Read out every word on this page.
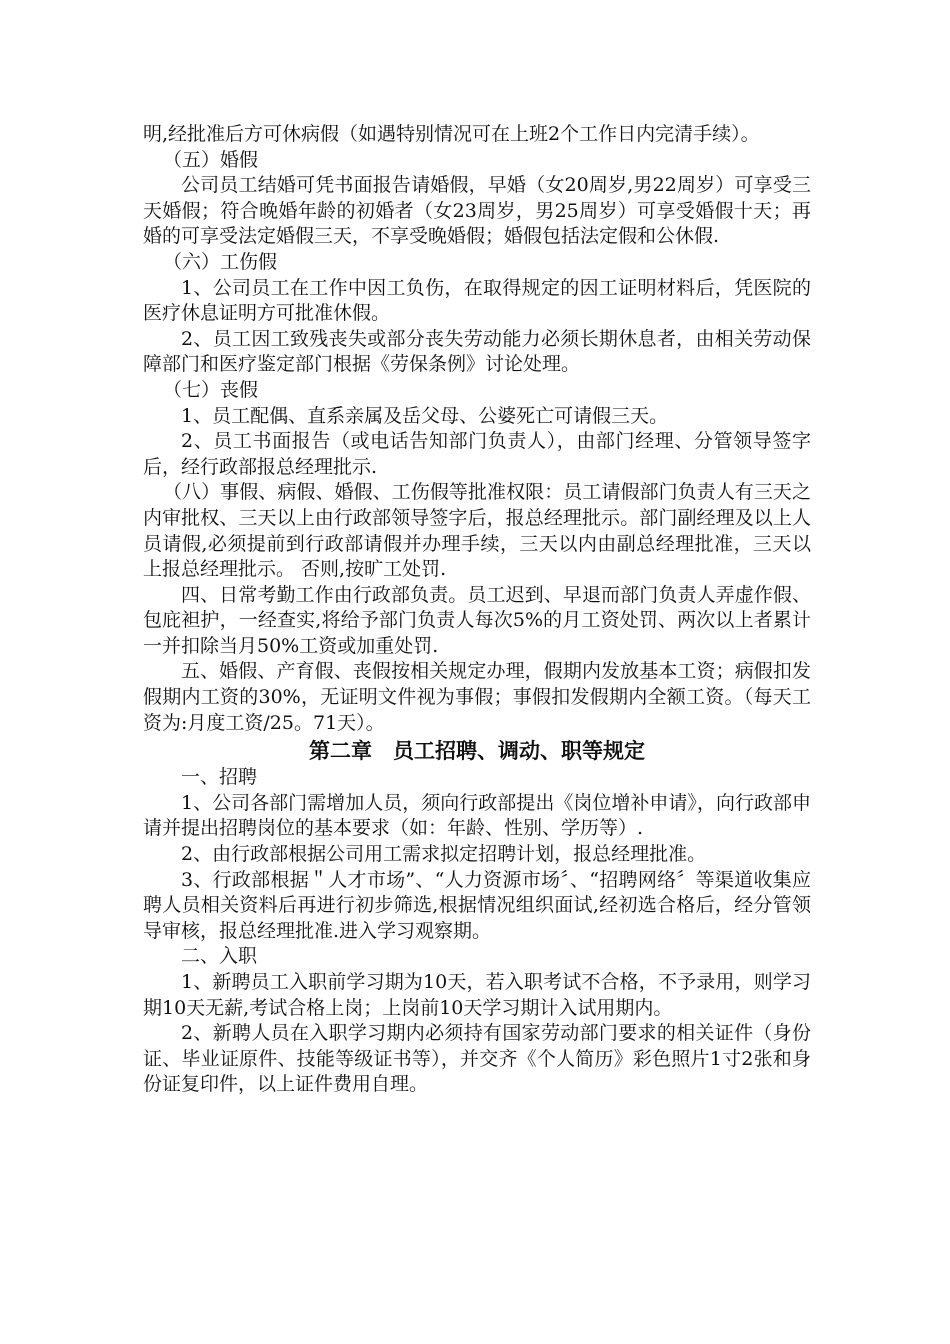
明,经批准后方可休病假（如遇特别情况可在上班2个工作日内完清手续）。

（五）婚假

公司员工结婚可凭书面报告请婚假，早婚（女20周岁,男22周岁）可享受三天婚假；符合晚婚年龄的初婚者（女23周岁，男25周岁）可享受婚假十天；再婚的可享受法定婚假三天，不享受晚婚假；婚假包括法定假和公休假.

（六）工伤假

1、公司员工在工作中因工负伤，在取得规定的因工证明材料后，凭医院的医疗休息证明方可批准休假。

2、员工因工致残丧失或部分丧失劳动能力必须长期休息者，由相关劳动保障部门和医疗鉴定部门根据《劳保条例》讨论处理。

（七）丧假

1、员工配偶、直系亲属及岳父母、公婆死亡可请假三天。

2、员工书面报告（或电话告知部门负责人），由部门经理、分管领导签字后，经行政部报总经理批示.

（八）事假、病假、婚假、工伤假等批准权限：员工请假部门负责人有三天之内审批权、三天以上由行政部领导签字后，报总经理批示。部门副经理及以上人员请假,必须提前到行政部请假并办理手续，三天以内由副总经理批准，三天以上报总经理批示。 否则,按旷工处罚.

四、日常考勤工作由行政部负责。员工迟到、早退而部门负责人弄虚作假、包庇袒护，一经查实,将给予部门负责人每次5%的月工资处罚、两次以上者累计一并扣除当月50%工资或加重处罚.

五、婚假、产育假、丧假按相关规定办理，假期内发放基本工资；病假扣发假期内工资的30%，无证明文件视为事假；事假扣发假期内全额工资。（每天工资为:月度工资/25。71天）。

第二章　员工招聘、调动、职等规定

一、招聘

1、公司各部门需增加人员，须向行政部提出《岗位增补申请》，向行政部申请并提出招聘岗位的基本要求（如：年龄、性别、学历等）.

2、由行政部根据公司用工需求拟定招聘计划，报总经理批准。

3、行政部根据＂人才市场”、“人力资源市场〞、“招聘网络〞等渠道收集应聘人员相关资料后再进行初步筛选,根据情况组织面试,经初选合格后，经分管领导审核，报总经理批准.进入学习观察期。

二、入职

1、新聘员工入职前学习期为10天，若入职考试不合格，不予录用，则学习期10天无薪,考试合格上岗；上岗前10天学习期计入试用期内。

2、新聘人员在入职学习期内必须持有国家劳动部门要求的相关证件（身份证、毕业证原件、技能等级证书等），并交齐《个人简历》彩色照片1寸2张和身份证复印件，以上证件费用自理。
